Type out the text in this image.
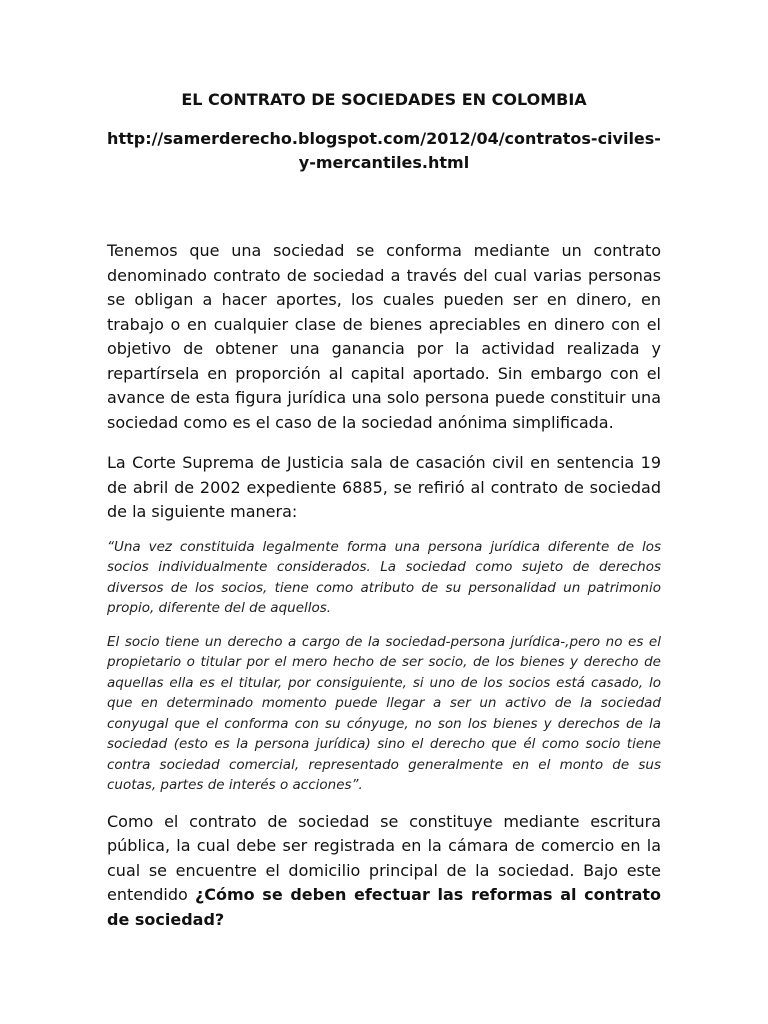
EL CONTRATO DE SOCIEDADES EN COLOMBIA

http://samerderecho.blogspot.com/2012/04/contratos-civiles-y-mercantiles.html

Tenemos que una sociedad se conforma mediante un contrato denominado contrato de sociedad a través del cual varias personas se obligan a hacer aportes, los cuales pueden ser en dinero, en trabajo o en cualquier clase de bienes apreciables en dinero con el objetivo de obtener una ganancia por la actividad realizada y repartírsela en proporción al capital aportado. Sin embargo con el avance de esta figura jurídica una solo persona puede constituir una sociedad como es el caso de la sociedad anónima simplificada.

La Corte Suprema de Justicia sala de casación civil en sentencia 19 de abril de 2002 expediente 6885, se refirió al contrato de sociedad de la siguiente manera:

“Una vez constituida legalmente forma una persona jurídica diferente de los socios individualmente considerados. La sociedad como sujeto de derechos diversos de los socios, tiene como atributo de su personalidad un patrimonio propio, diferente del de aquellos.

El socio tiene un derecho a cargo de la sociedad-persona jurídica-,pero no es el propietario o titular por el mero hecho de ser socio, de los bienes y derecho de aquellas ella es el titular, por consiguiente, si uno de los socios está casado, lo que en determinado momento puede llegar a ser un activo de la sociedad conyugal que el conforma con su cónyuge, no son los bienes y derechos de la sociedad (esto es la persona jurídica) sino el derecho que él como socio tiene contra sociedad comercial, representado generalmente en el monto de sus cuotas, partes de interés o acciones”.

Como el contrato de sociedad se constituye mediante escritura pública, la cual debe ser registrada en la cámara de comercio en la cual se encuentre el domicilio principal de la sociedad. Bajo este entendido ¿Cómo se deben efectuar las reformas al contrato de sociedad?
